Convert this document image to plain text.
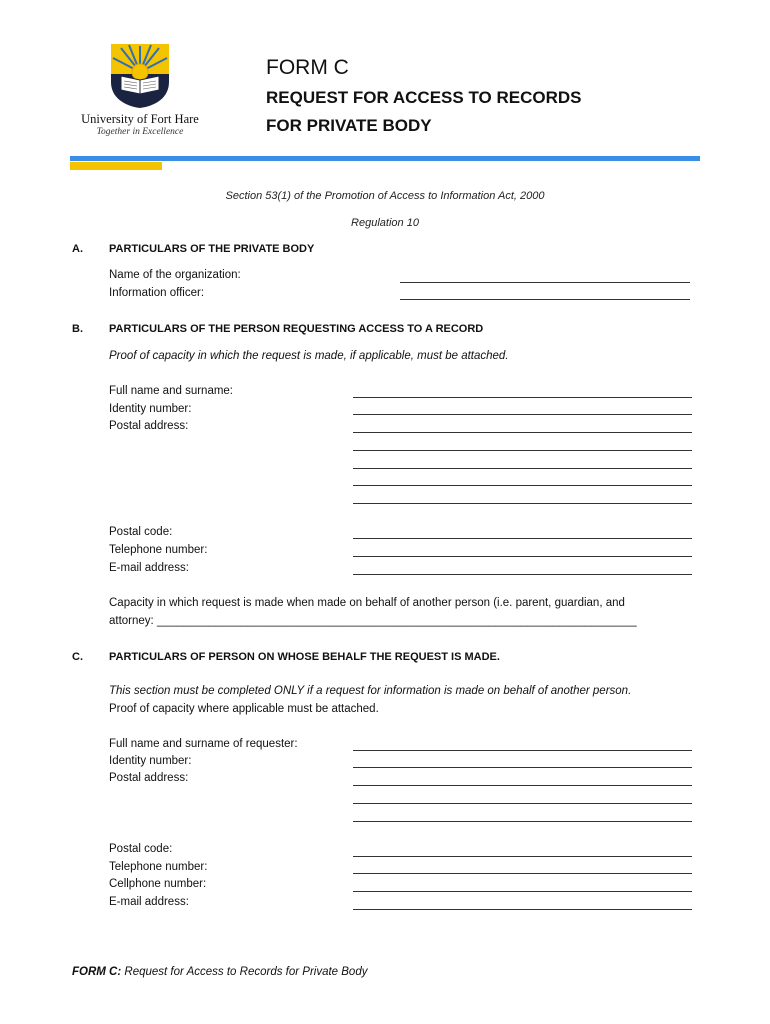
University of Fort Hare
Together in Excellence
FORM C
REQUEST FOR ACCESS TO RECORDS
FOR PRIVATE BODY
Section 53(1) of the Promotion of Access to Information Act, 2000
Regulation 10
A. PARTICULARS OF THE PRIVATE BODY
Name of the organization:
Information officer:
B. PARTICULARS OF THE PERSON REQUESTING ACCESS TO A RECORD
Proof of capacity in which the request is made, if applicable, must be attached.
Full name and surname:
Identity number:
Postal address:
Postal code:
Telephone number:
E-mail address:
Capacity in which request is made when made on behalf of another person (i.e. parent, guardian, and
attorney: ___________________________________________________________________________
C. PARTICULARS OF PERSON ON WHOSE BEHALF THE REQUEST IS MADE.
This section must be completed ONLY if a request for information is made on behalf of another person.
Proof of capacity where applicable must be attached.
Full name and surname of requester:
Identity number:
Postal address:
Postal code:
Telephone number:
Cellphone number:
E-mail address:
FORM C: Request for Access to Records for Private Body
